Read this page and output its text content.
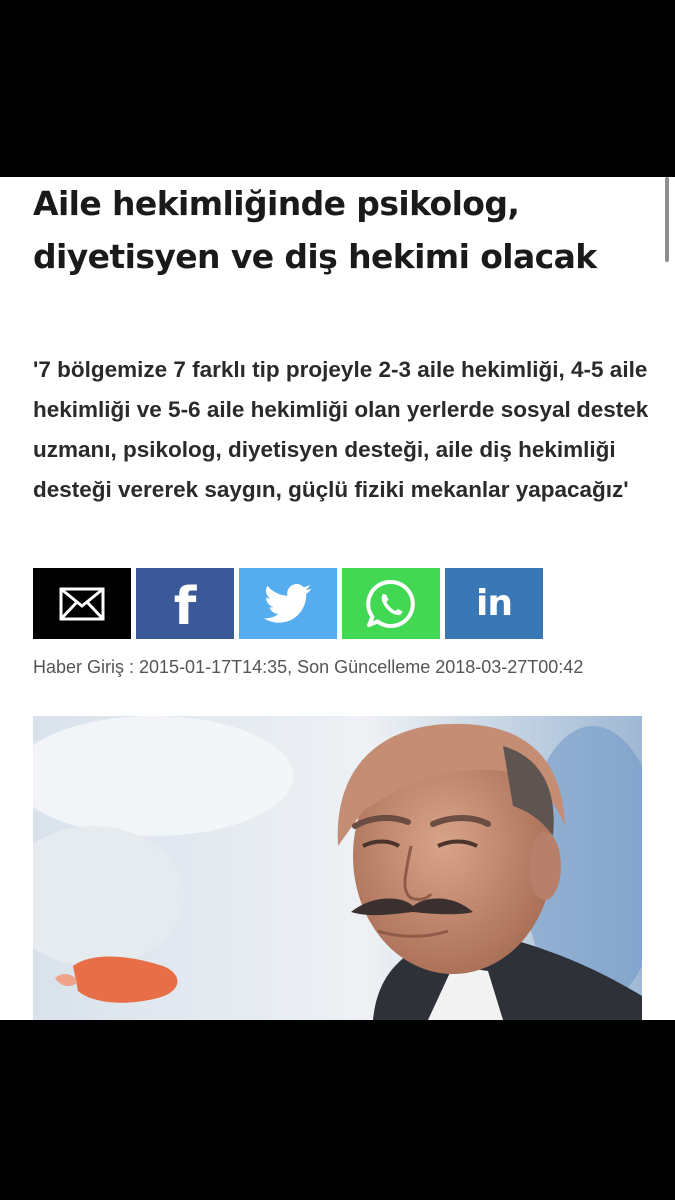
Aile hekimliğinde psikolog, diyetisyen ve diş hekimi olacak

'7 bölgemize 7 farklı tip projeyle 2-3 aile hekimliği, 4-5 aile hekimliği ve 5-6 aile hekimliği olan yerlerde sosyal destek uzmanı, psikolog, diyetisyen desteği, aile diş hekimliği desteği vererek saygın, güçlü fiziki mekanlar yapacağız'

f	in

Haber Giriş : 2015-01-17T14:35, Son Güncelleme 2018-03-27T00:42
